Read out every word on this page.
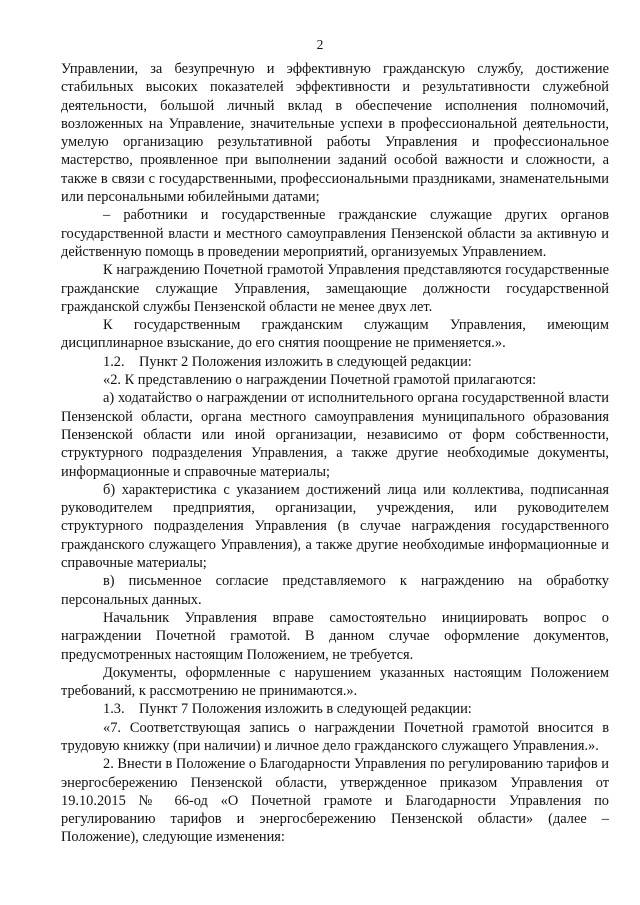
2

Управлении, за безупречную и эффективную гражданскую службу, достижение стабильных высоких показателей эффективности и результативности служебной деятельности, большой личный вклад в обеспечение исполнения полномочий, возложенных на Управление, значительные успехи в профессиональной деятельности, умелую организацию результативной работы Управления и профессиональное мастерство, проявленное при выполнении заданий особой важности и сложности, а также в связи с государственными, профессиональными праздниками, знаменательными или персональными юбилейными датами;

– работники и государственные гражданские служащие других органов государственной власти и местного самоуправления Пензенской области за активную и действенную помощь в проведении мероприятий, организуемых Управлением.

К награждению Почетной грамотой Управления представляются государственные гражданские служащие Управления, замещающие должности государственной гражданской службы Пензенской области не менее двух лет.

К государственным гражданским служащим Управления, имеющим дисциплинарное взыскание, до его снятия поощрение не применяется.».

1.2.    Пункт 2 Положения изложить в следующей редакции:

«2. К представлению о награждении Почетной грамотой прилагаются:

а) ходатайство о награждении от исполнительного органа государственной власти Пензенской области, органа местного самоуправления муниципального образования Пензенской области или иной организации, независимо от форм собственности, структурного подразделения Управления, а также другие необходимые документы, информационные и справочные материалы;

б) характеристика с указанием достижений лица или коллектива, подписанная руководителем предприятия, организации, учреждения, или руководителем структурного подразделения Управления (в случае награждения государственного гражданского служащего Управления), а также другие необходимые информационные и справочные материалы;

в) письменное согласие представляемого к награждению на обработку персональных данных.

Начальник Управления вправе самостоятельно инициировать вопрос о награждении Почетной грамотой. В данном случае оформление документов, предусмотренных настоящим Положением, не требуется.

Документы, оформленные с нарушением указанных настоящим Положением требований, к рассмотрению не принимаются.».

1.3.    Пункт 7 Положения изложить в следующей редакции:

«7. Соответствующая запись о награждении Почетной грамотой вносится в трудовую книжку (при наличии) и личное дело гражданского служащего Управления.».

2. Внести в Положение о Благодарности Управления по регулированию тарифов и энергосбережению Пензенской области, утвержденное приказом Управления от 19.10.2015 № 66-од «О Почетной грамоте и Благодарности Управления по регулированию тарифов и энергосбережению Пензенской области» (далее – Положение), следующие изменения:
